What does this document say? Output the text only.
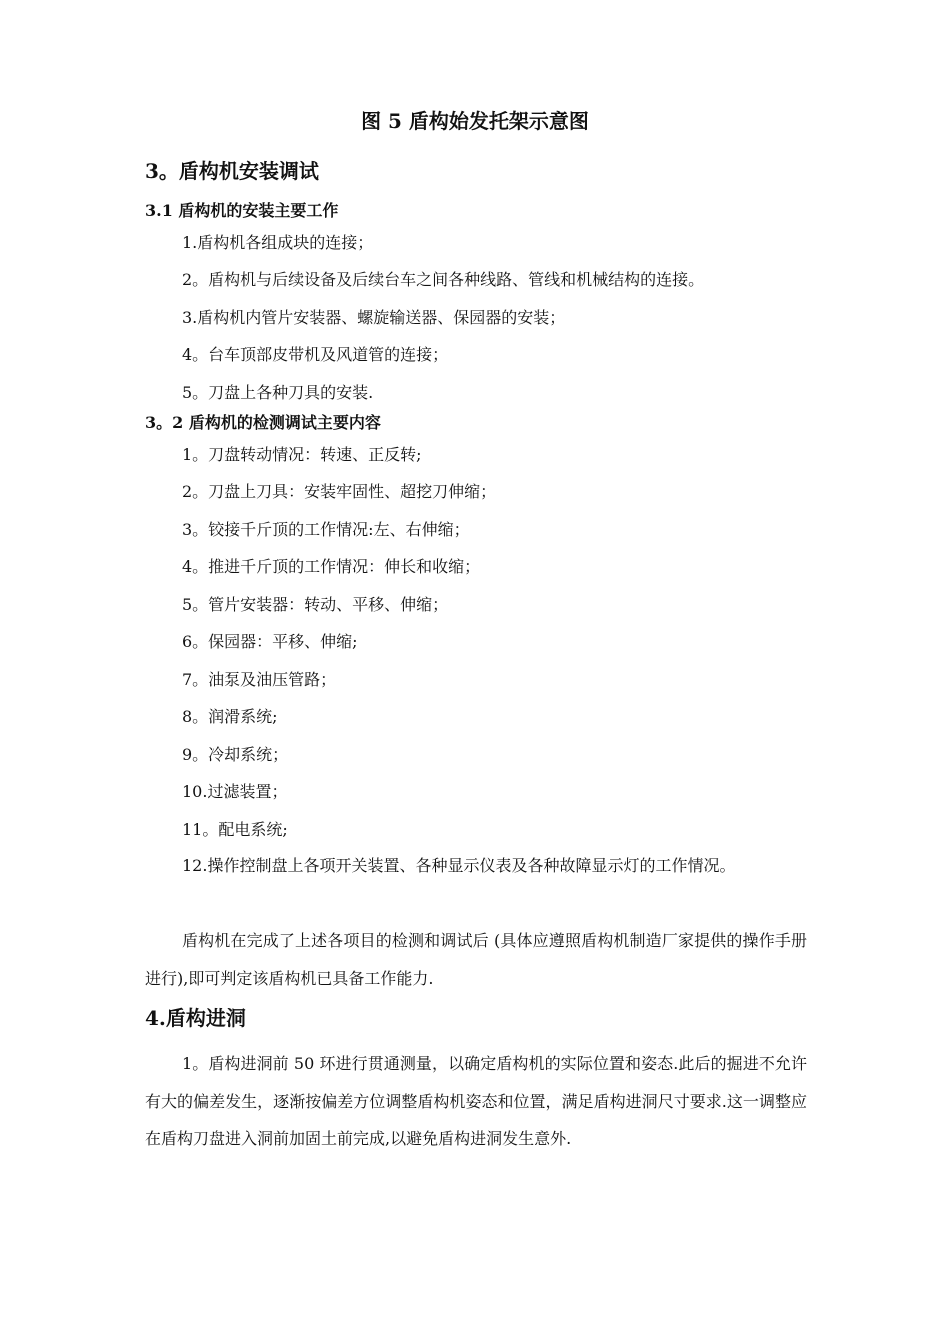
图 5 盾构始发托架示意图
3。盾构机安装调试
3.1 盾构机的安装主要工作
1.盾构机各组成块的连接；
2。盾构机与后续设备及后续台车之间各种线路、管线和机械结构的连接。
3.盾构机内管片安装器、螺旋输送器、保园器的安装；
4。台车顶部皮带机及风道管的连接；
5。刀盘上各种刀具的安装.
3。2 盾构机的检测调试主要内容
1。刀盘转动情况：转速、正反转;
2。刀盘上刀具：安装牢固性、超挖刀伸缩；
3。铰接千斤顶的工作情况:左、右伸缩；
4。推进千斤顶的工作情况：伸长和收缩；
5。管片安装器：转动、平移、伸缩；
6。保园器：平移、伸缩;
7。油泵及油压管路；
8。润滑系统;
9。冷却系统；
10.过滤装置；
11。配电系统;

12.操作控制盘上各项开关装置、各种显示仪表及各种故障显示灯的工作情况。

盾构机在完成了上述各项目的检测和调试后 (具体应遵照盾构机制造厂家提供的操作手册进行),即可判定该盾构机已具备工作能力.

4.盾构进洞

1。盾构进洞前 50 环进行贯通测量，以确定盾构机的实际位置和姿态.此后的掘进不允许有大的偏差发生，逐渐按偏差方位调整盾构机姿态和位置，满足盾构进洞尺寸要求.这一调整应在盾构刀盘进入洞前加固土前完成,以避免盾构进洞发生意外.
